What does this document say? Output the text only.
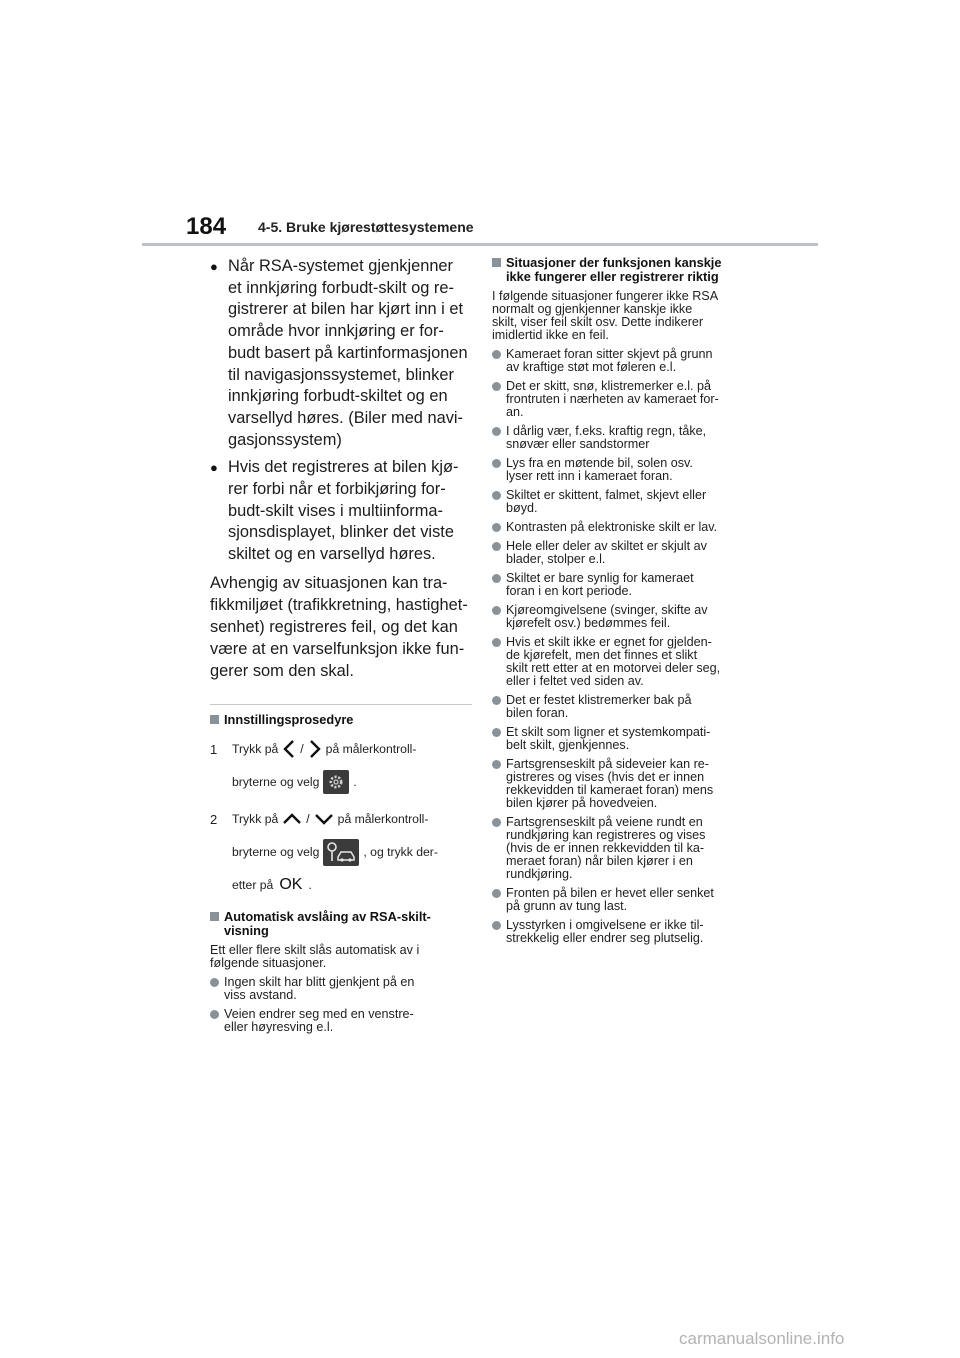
184 4-5. Bruke kjørestøttesystemene
● Når RSA-systemet gjenkjenner
et innkjøring forbudt-skilt og re-
gistrerer at bilen har kjørt inn i et
område hvor innkjøring er for-
budt basert på kartinformasjonen
til navigasjonssystemet, blinker
innkjøring forbudt-skiltet og en
varsellyd høres. (Biler med navi-
gasjonssystem)
● Hvis det registreres at bilen kjø-
rer forbi når et forbikjøring for-
budt-skilt vises i multiinforma-
sjonsdisplayet, blinker det viste
skiltet og en varsellyd høres.
Avhengig av situasjonen kan tra-
fikkmiljøet (trafikkretning, hastighet-
senhet) registreres feil, og det kan
være at en varselfunksjon ikke fun-
gerer som den skal.
Innstillingsprosedyre
1 Trykk på / på målerkontroll-
bryterne og velg	.
2 Trykk på / på målerkontroll-
bryterne og velg	, og trykk der-
etter på OK .
Automatisk avslåing av RSA-skilt-
visning
Ett eller flere skilt slås automatisk av i
følgende situasjoner.
Ingen skilt har blitt gjenkjent på en
viss avstand.
Veien endrer seg med en venstre-
eller høyresving e.l.
Situasjoner der funksjonen kanskje
ikke fungerer eller registrerer riktig
I følgende situasjoner fungerer ikke RSA
normalt og gjenkjenner kanskje ikke
skilt, viser feil skilt osv. Dette indikerer
imidlertid ikke en feil.
Kameraet foran sitter skjevt på grunn
av kraftige støt mot føleren e.l.
Det er skitt, snø, klistremerker e.l. på
frontruten i nærheten av kameraet for-
an.
I dårlig vær, f.eks. kraftig regn, tåke,
snøvær eller sandstormer
Lys fra en møtende bil, solen osv.
lyser rett inn i kameraet foran.
Skiltet er skittent, falmet, skjevt eller
bøyd.
Kontrasten på elektroniske skilt er lav.
Hele eller deler av skiltet er skjult av
blader, stolper e.l.
Skiltet er bare synlig for kameraet
foran i en kort periode.
Kjøreomgivelsene (svinger, skifte av
kjørefelt osv.) bedømmes feil.
Hvis et skilt ikke er egnet for gjelden-
de kjørefelt, men det finnes et slikt
skilt rett etter at en motorvei deler seg,
eller i feltet ved siden av.
Det er festet klistremerker bak på
bilen foran.
Et skilt som ligner et systemkompati-
belt skilt, gjenkjennes.
Fartsgrenseskilt på sideveier kan re-
gistreres og vises (hvis det er innen
rekkevidden til kameraet foran) mens
bilen kjører på hovedveien.
Fartsgrenseskilt på veiene rundt en
rundkjøring kan registreres og vises
(hvis de er innen rekkevidden til ka-
meraet foran) når bilen kjører i en
rundkjøring.
Fronten på bilen er hevet eller senket
på grunn av tung last.
Lysstyrken i omgivelsene er ikke til-
strekkelig eller endrer seg plutselig.
carmanualsonline.info
